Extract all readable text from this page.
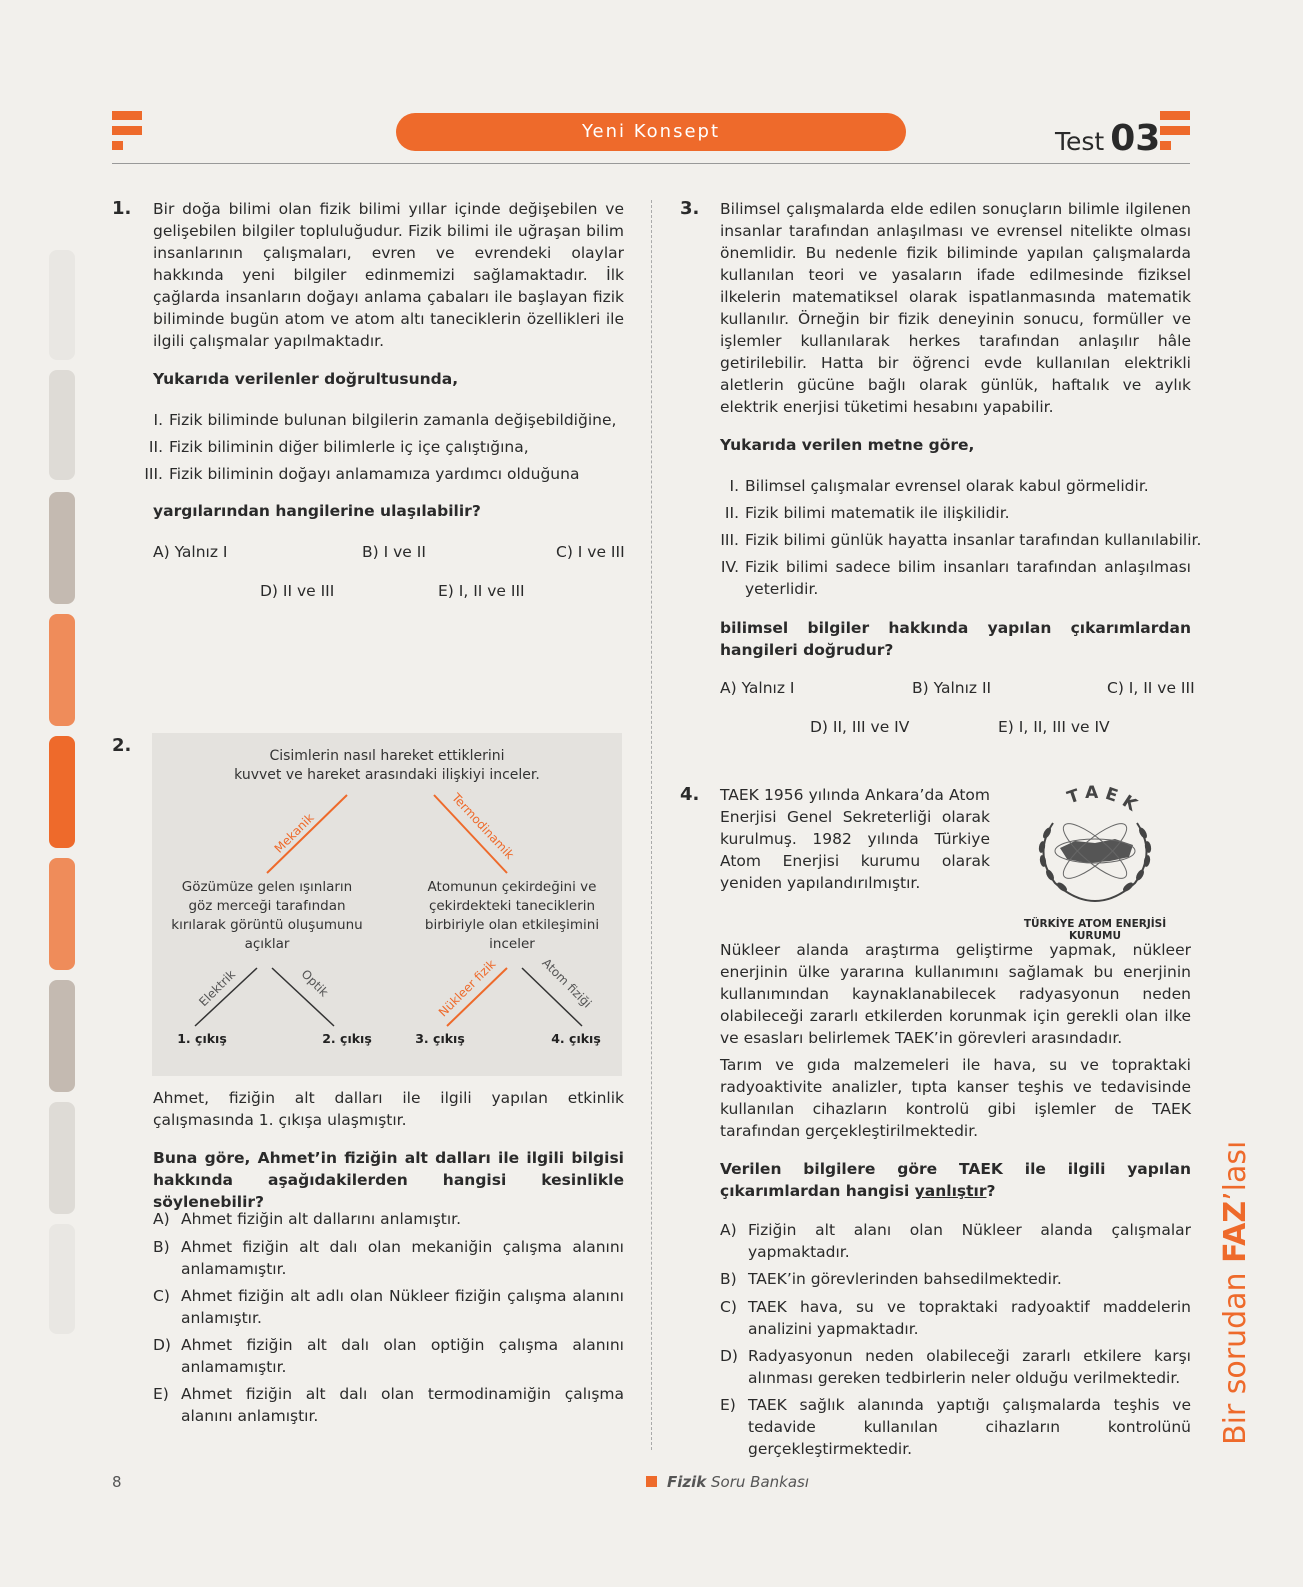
Yeni Konsept	Test 03
1. Bir doğa bilimi olan fizik bilimi yıllar içinde değişebilen ve gelişebilen bilgiler topluluğudur. Fizik bilimi ile uğraşan bilim insanlarının çalışmaları, evren ve evrendeki olaylar hakkında yeni bilgiler edinmemizi sağlamaktadır. İlk çağlarda insanların doğayı anlama çabaları ile başlayan fizik biliminde bugün atom ve atom altı taneciklerin özellikleri ile ilgili çalışmalar yapılmaktadır.

Yukarıda verilenler doğrultusunda,

I. Fizik biliminde bulunan bilgilerin zamanla değişebildiğine,
II. Fizik biliminin diğer bilimlerle iç içe çalıştığına,
III. Fizik biliminin doğayı anlamamıza yardımcı olduğuna

yargılarından hangilerine ulaşılabilir?

A) Yalnız I	B) I ve II	C) I ve III
D) II ve III	E) I, II ve III
2.	Cisimlerin nasıl hareket ettiklerini
kuvvet ve hareket arasındaki ilişkiyi inceler.
Mekanik	Termodinamik
Elektrik	Optik	Nükleer fizik	Atom fiziği
1. çıkış	2. çıkış	3. çıkış	4. çıkış
Gözümüze gelen ışınların
göz merceği tarafından
kırılarak görüntü oluşumunu
açıklar
Atomunun çekirdeğini ve
çekirdekteki taneciklerin
birbiriyle olan etkileşimini
inceler

Ahmet, fiziğin alt dalları ile ilgili yapılan etkinlik çalışmasında 1. çıkışa ulaşmıştır.

Buna göre, Ahmet’in fiziğin alt dalları ile ilgili bilgisi hakkında aşağıdakilerden hangisi kesinlikle söylenebilir?

A) Ahmet fiziğin alt dallarını anlamıştır.
B) Ahmet fiziğin alt dalı olan mekaniğin çalışma alanını anlamamıştır.
C) Ahmet fiziğin alt adlı olan Nükleer fiziğin çalışma alanını anlamıştır.
D) Ahmet fiziğin alt dalı olan optiğin çalışma alanını anlamamıştır.
E) Ahmet fiziğin alt dalı olan termodinamiğin çalışma alanını anlamıştır.
3. Bilimsel çalışmalarda elde edilen sonuçların bilimle ilgilenen insanlar tarafından anlaşılması ve evrensel nitelikte olması önemlidir. Bu nedenle fizik biliminde yapılan çalışmalarda kullanılan teori ve yasaların ifade edilmesinde fiziksel ilkelerin matematiksel olarak ispatlanmasında matematik kullanılır. Örneğin bir fizik deneyinin sonucu, formüller ve işlemler kullanılarak herkes tarafından anlaşılır hâle getirilebilir. Hatta bir öğrenci evde kullanılan elektrikli aletlerin gücüne bağlı olarak günlük, haftalık ve aylık elektrik enerjisi tüketimi hesabını yapabilir.

Yukarıda verilen metne göre,

I. Bilimsel çalışmalar evrensel olarak kabul görmelidir.
II. Fizik bilimi matematik ile ilişkilidir.
III. Fizik bilimi günlük hayatta insanlar tarafından kullanılabilir.
IV. Fizik bilimi sadece bilim insanları tarafından anlaşılması yeterlidir.

bilimsel bilgiler hakkında yapılan çıkarımlardan hangileri doğrudur?

A) Yalnız I	B) Yalnız II	C) I, II ve III
D) II, III ve IV	E) I, II, III ve IV
4. TAEK 1956 yılında Ankara’da Atom Enerjisi Genel Sekreterliği olarak kurulmuş. 1982 yılında Türkiye Atom Enerjisi kurumu olarak yeniden yapılandırılmıştır.

TAEK
TÜRKİYE ATOM ENERJİSİ KURUMU

Nükleer alanda araştırma geliştirme yapmak, nükleer enerjinin ülke yararına kullanımını sağlamak bu enerjinin kullanımından kaynaklanabilecek radyasyonun neden olabileceği zararlı etkilerden korunmak için gerekli olan ilke ve esasları belirlemek TAEK’in görevleri arasındadır.

Tarım ve gıda malzemeleri ile hava, su ve topraktaki radyoaktivite analizler, tıpta kanser teşhis ve tedavisinde kullanılan cihazların kontrolü gibi işlemler de TAEK tarafından gerçekleştirilmektedir.

Verilen bilgilere göre TAEK ile ilgili yapılan çıkarımlardan hangisi yanlıştır?

A) Fiziğin alt alanı olan Nükleer alanda çalışmalar yapmaktadır.
B) TAEK’in görevlerinden bahsedilmektedir.
C) TAEK hava, su ve topraktaki radyoaktif maddelerin analizini yapmaktadır.
D) Radyasyonun neden olabileceği zararlı etkilere karşı alınması gereken tedbirlerin neler olduğu verilmektedir.
E) TAEK sağlık alanında yaptığı çalışmalarda teşhis ve tedavide kullanılan cihazların kontrolünü gerçekleştirmektedir.
Bir sorudan FAZ’lası
8	Fizik Soru Bankası
